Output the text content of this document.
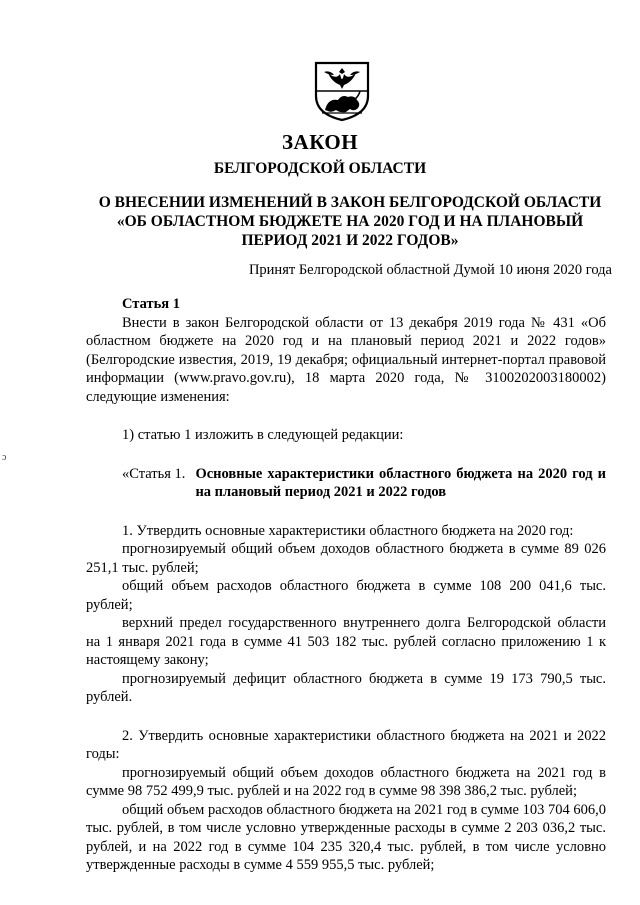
ЗАКОН
БЕЛГОРОДСКОЙ ОБЛАСТИ
О ВНЕСЕНИИ ИЗМЕНЕНИЙ В ЗАКОН БЕЛГОРОДСКОЙ ОБЛАСТИ
«ОБ ОБЛАСТНОМ БЮДЖЕТЕ НА 2020 ГОД И НА ПЛАНОВЫЙ
ПЕРИОД 2021 И 2022 ГОДОВ»
Принят Белгородской областной Думой 10 июня 2020 года
ɔ

Статья 1

Внести в закон Белгородской области от 13 декабря 2019 года № 431 «Об областном бюджете на 2020 год и на плановый период 2021 и 2022 годов» (Белгородские известия, 2019, 19 декабря; официальный интернет-портал правовой информации (www.pravo.gov.ru), 18 марта 2020 года, № 3100202003180002) следующие изменения:

1) статью 1 изложить в следующей редакции:

«Статья 1. Основные характеристики областного бюджета на 2020 год и на плановый период 2021 и 2022 годов

1. Утвердить основные характеристики областного бюджета на 2020 год:

прогнозируемый общий объем доходов областного бюджета в сумме 89 026 251,1 тыс. рублей;

общий объем расходов областного бюджета в сумме 108 200 041,6 тыс. рублей;

верхний предел государственного внутреннего долга Белгородской области на 1 января 2021 года в сумме 41 503 182 тыс. рублей согласно приложению 1 к настоящему закону;

прогнозируемый дефицит областного бюджета в сумме 19 173 790,5 тыс. рублей.

2. Утвердить основные характеристики областного бюджета на 2021 и 2022 годы:

прогнозируемый общий объем доходов областного бюджета на 2021 год в сумме 98 752 499,9 тыс. рублей и на 2022 год в сумме 98 398 386,2 тыс. рублей;

общий объем расходов областного бюджета на 2021 год в сумме 103 704 606,0 тыс. рублей, в том числе условно утвержденные расходы в сумме 2 203 036,2 тыс. рублей, и на 2022 год в сумме 104 235 320,4 тыс. рублей, в том числе условно утвержденные расходы в сумме 4 559 955,5 тыс. рублей;
